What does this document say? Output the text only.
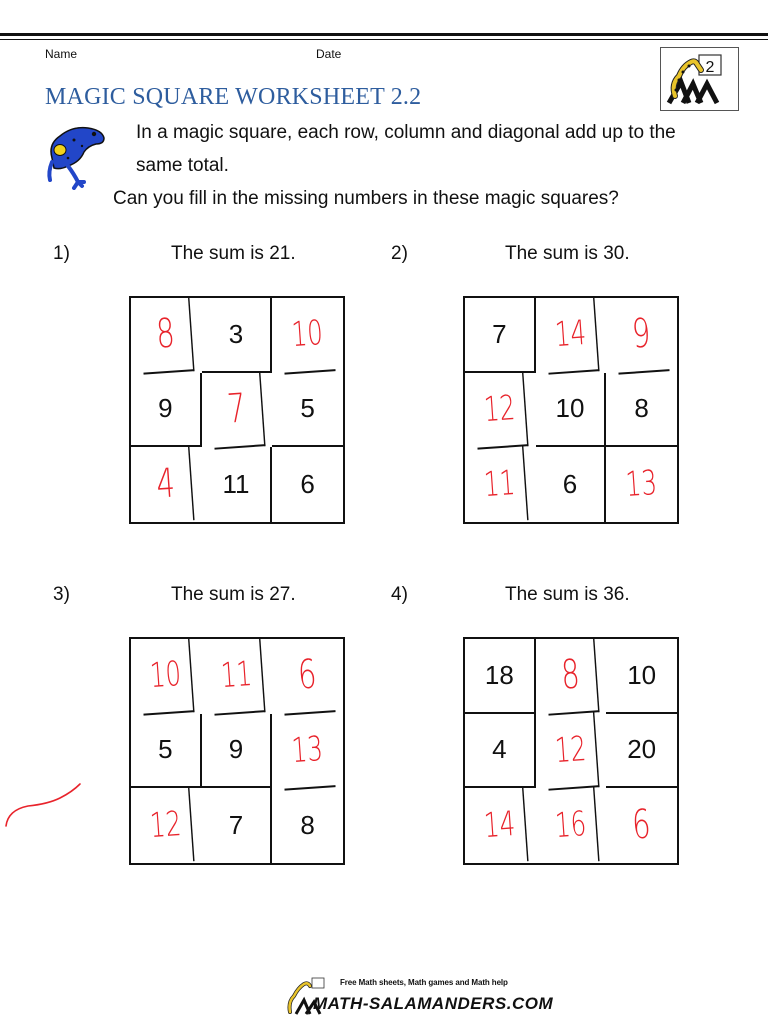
Name	Date
MAGIC SQUARE WORKSHEET 2.2
2
In a magic square, each row, column and diagonal add up to the
same total.
Can you fill in the missing numbers in these magic squares?
1)	The sum is 21.	2)	The sum is 30.
3)	The sum is 27.	4)	The sum is 36.
8	3	10
9	7	5
4	11	6
7	14	9
12	10	8
11	6	13
10	11	6
5	9	13
12	7	8
18	8	10
4	12	20
14	16	6
Free Math sheets, Math games and Math help
MATH-SALAMANDERS.COM
